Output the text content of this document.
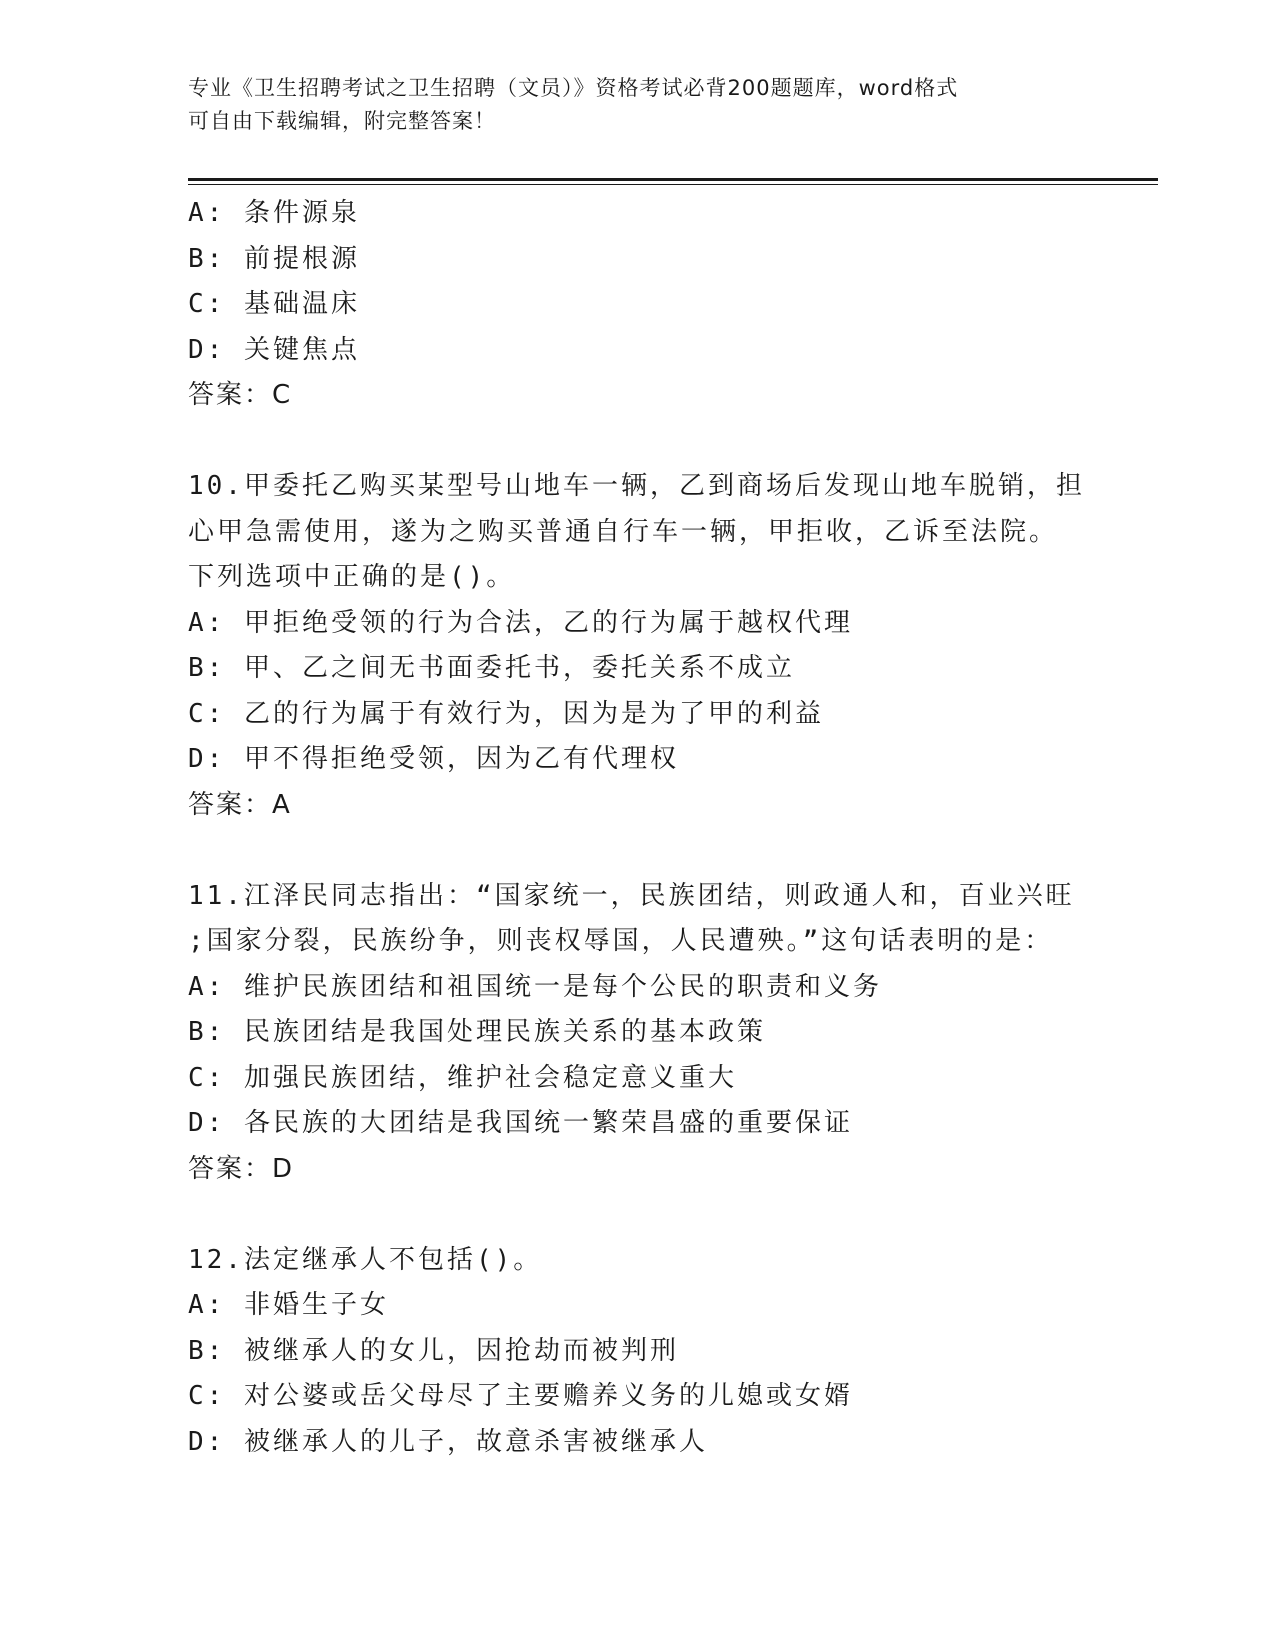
专业《卫生招聘考试之卫生招聘（文员）》资格考试必背200题题库，word格式
可自由下载编辑，附完整答案！
A: 条件源泉
B: 前提根源
C: 基础温床
D: 关键焦点
答案：C
10.甲委托乙购买某型号山地车一辆，乙到商场后发现山地车脱销，担
心甲急需使用，遂为之购买普通自行车一辆，甲拒收，乙诉至法院。
下列选项中正确的是()。
A: 甲拒绝受领的行为合法，乙的行为属于越权代理
B: 甲、乙之间无书面委托书，委托关系不成立
C: 乙的行为属于有效行为，因为是为了甲的利益
D: 甲不得拒绝受领，因为乙有代理权
答案：A
11.江泽民同志指出：“国家统一，民族团结，则政通人和，百业兴旺
;国家分裂，民族纷争，则丧权辱国，人民遭殃。”这句话表明的是：
A: 维护民族团结和祖国统一是每个公民的职责和义务
B: 民族团结是我国处理民族关系的基本政策
C: 加强民族团结，维护社会稳定意义重大
D: 各民族的大团结是我国统一繁荣昌盛的重要保证
答案：D
12.法定继承人不包括()。
A: 非婚生子女
B: 被继承人的女儿，因抢劫而被判刑
C: 对公婆或岳父母尽了主要赡养义务的儿媳或女婿
D: 被继承人的儿子，故意杀害被继承人
